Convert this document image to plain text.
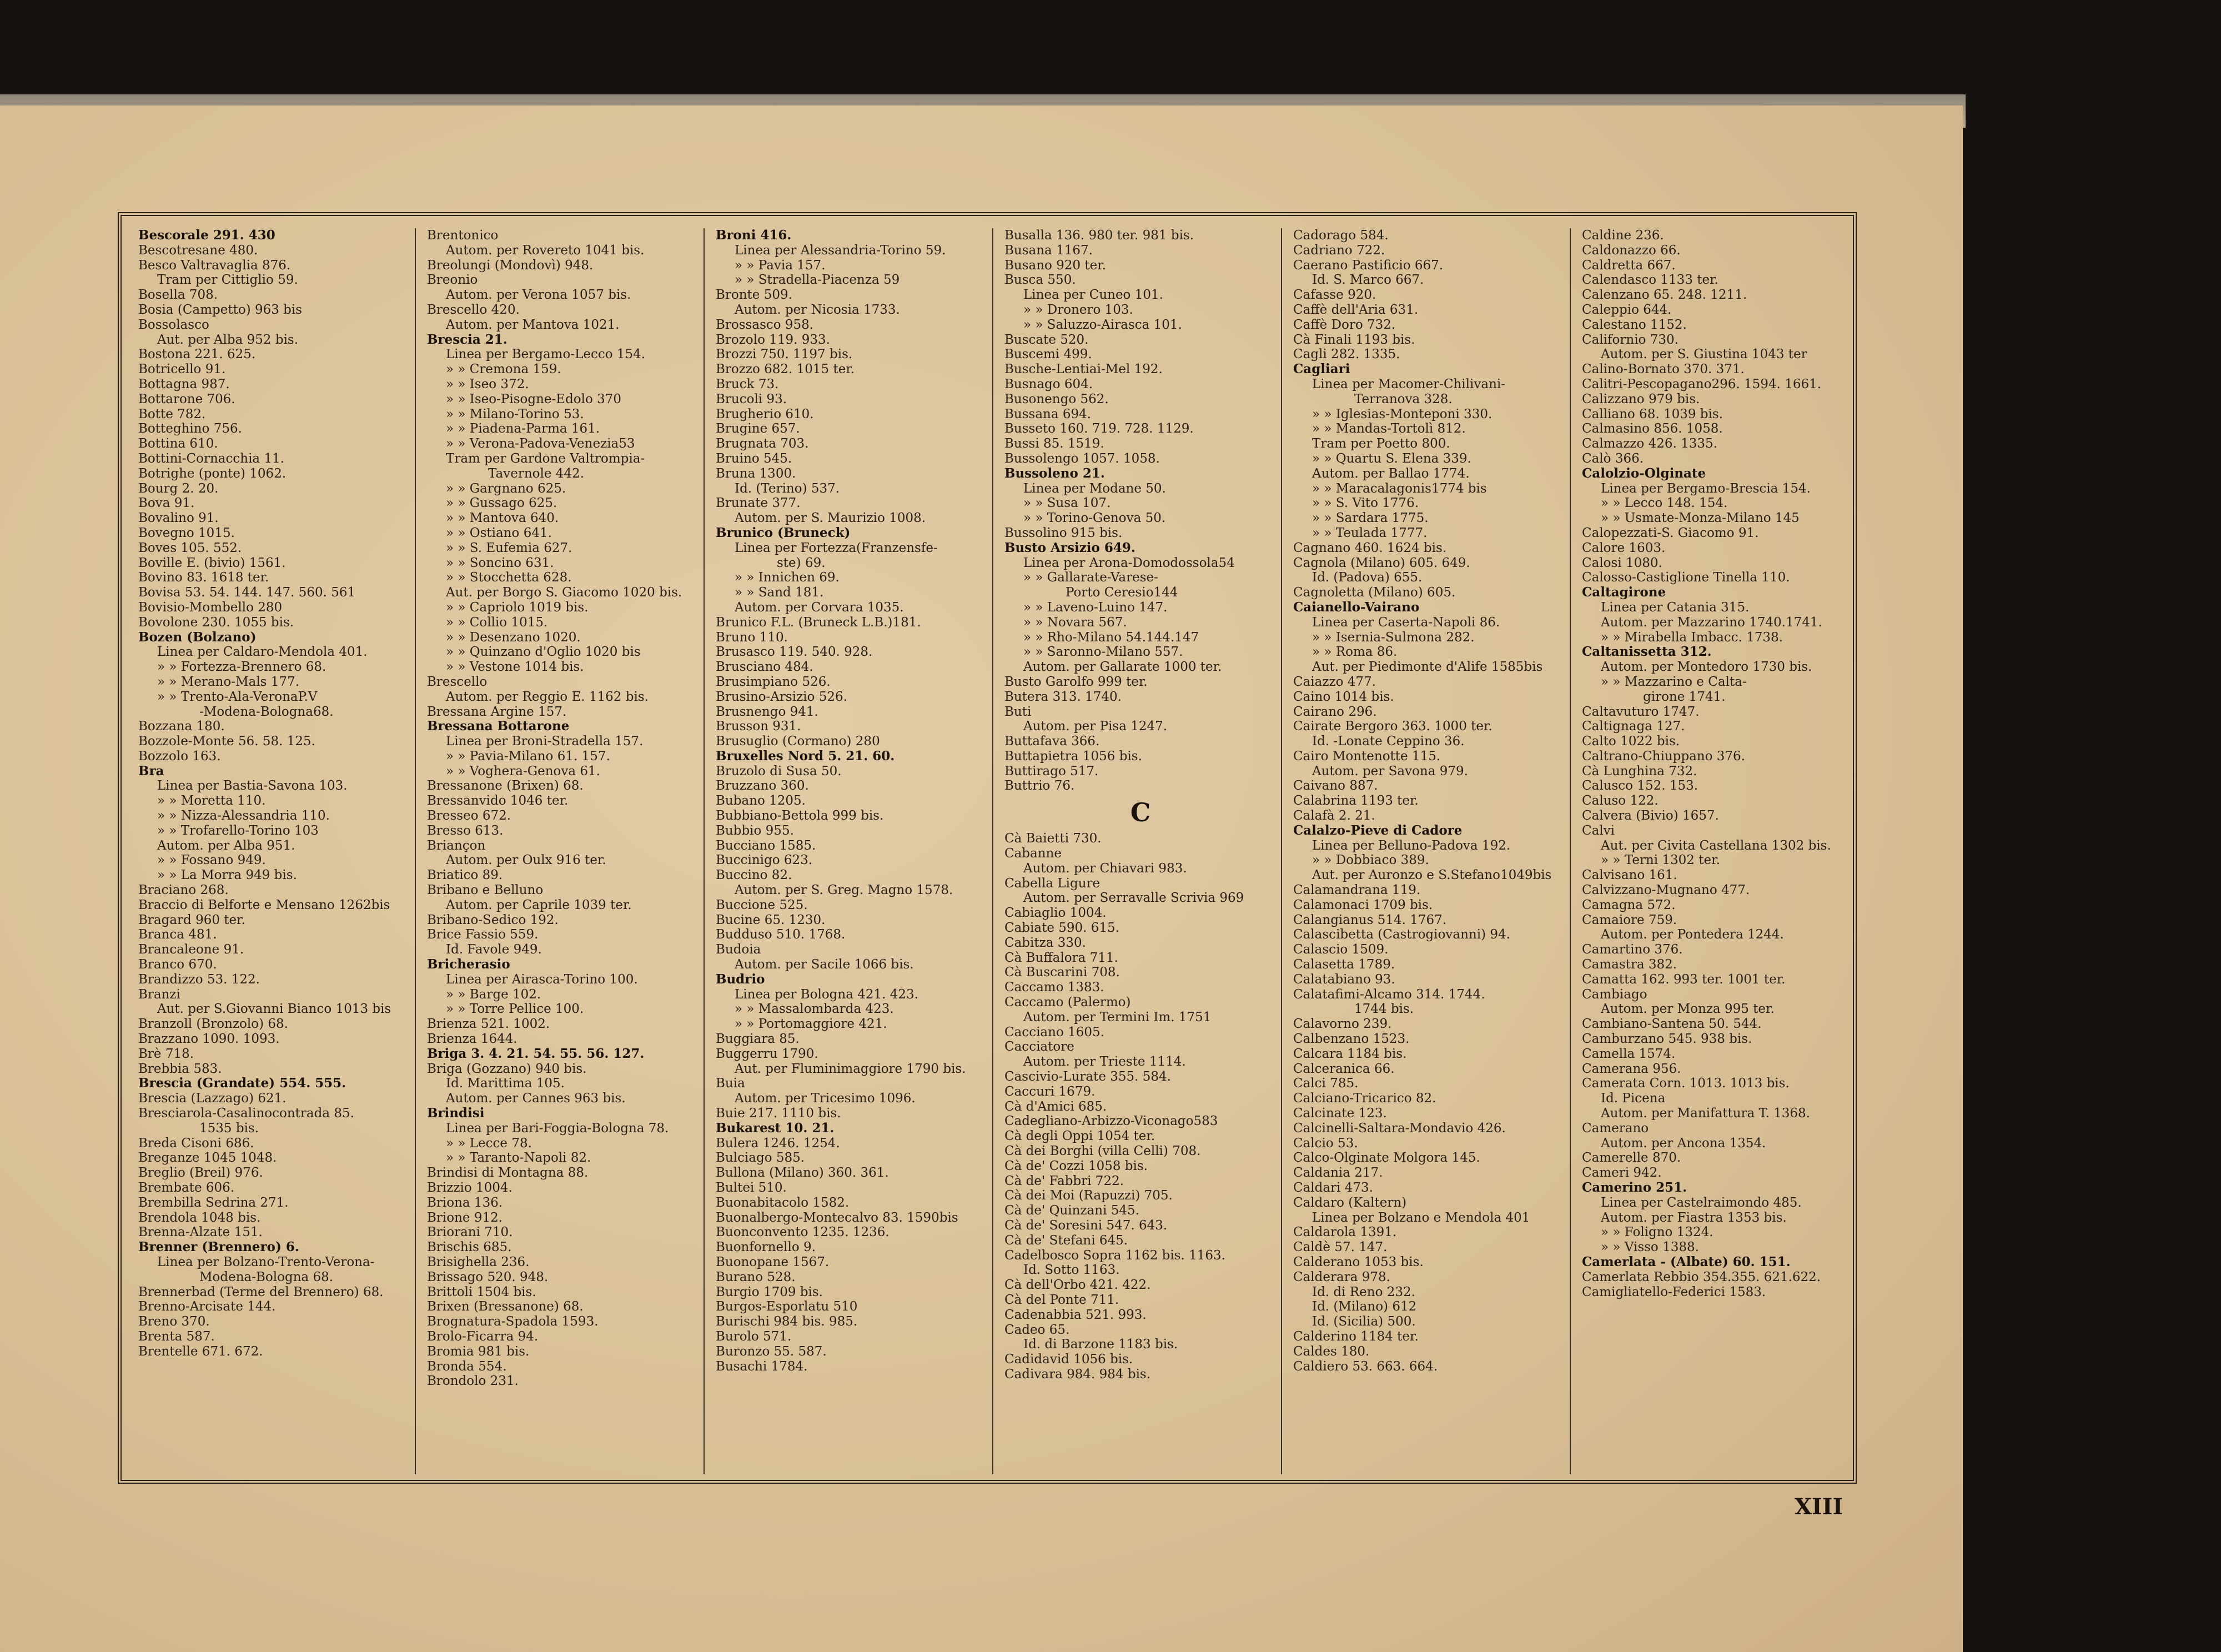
Bescorale 291. 430
Bescotresane 480.
Besco Valtravaglia 876.
Tram per Cittiglio 59.
Bosella 708.
Bosia (Campetto) 963 bis
Bossolasco
Aut. per Alba 952 bis.
Bostona 221. 625.
Botricello 91.
Bottagna 987.
Bottarone 706.
Botte 782.
Botteghino 756.
Bottina 610.
Bottini-Cornacchia 11.
Botrighe (ponte) 1062.
Bourg 2. 20.
Bova 91.
Bovalino 91.
Bovegno 1015.
Boves 105. 552.
Boville E. (bivio) 1561.
Bovino 83. 1618 ter.
Bovisa 53. 54. 144. 147. 560. 561
Bovisio-Mombello 280
Bovolone 230. 1055 bis.
Bozen (Bolzano)
Linea per Caldaro-Mendola 401.
» » Fortezza-Brennero 68.
» » Merano-Mals 177.
» » Trento-Ala-VeronaP.V
-Modena-Bologna68.
Bozzana 180.
Bozzole-Monte 56. 58. 125.
Bozzolo 163.
Bra
Linea per Bastia-Savona 103.
» » Moretta 110.
» » Nizza-Alessandria 110.
» » Trofarello-Torino 103
Autom. per Alba 951.
» » Fossano 949.
» » La Morra 949 bis.
Braciano 268.
Braccio di Belforte e Mensano 1262bis
Bragard 960 ter.
Branca 481.
Brancaleone 91.
Branco 670.
Brandizzo 53. 122.
Branzi
Aut. per S.Giovanni Bianco 1013 bis
Branzoll (Bronzolo) 68.
Brazzano 1090. 1093.
Brè 718.
Brebbia 583.
Brescia (Grandate) 554. 555.
Brescia (Lazzago) 621.
Bresciarola-Casalinocontrada 85.
1535 bis.
Breda Cisoni 686.
Breganze 1045 1048.
Breglio (Breil) 976.
Brembate 606.
Brembilla Sedrina 271.
Brendola 1048 bis.
Brenna-Alzate 151.
Brenner (Brennero) 6.
Linea per Bolzano-Trento-Verona-
Modena-Bologna 68.
Brennerbad (Terme del Brennero) 68.
Brenno-Arcisate 144.
Breno 370.
Brenta 587.
Brentelle 671. 672.
Brentonico
Autom. per Rovereto 1041 bis.
Breolungi (Mondovì) 948.
Breonio
Autom. per Verona 1057 bis.
Brescello 420.
Autom. per Mantova 1021.
Brescia 21.
Linea per Bergamo-Lecco 154.
» » Cremona 159.
» » Iseo 372.
» » Iseo-Pisogne-Edolo 370
» » Milano-Torino 53.
» » Piadena-Parma 161.
» » Verona-Padova-Venezia53
Tram per Gardone Valtrompia-
Tavernole 442.
» » Gargnano 625.
» » Gussago 625.
» » Mantova 640.
» » Ostiano 641.
» » S. Eufemia 627.
» » Soncino 631.
» » Stocchetta 628.
Aut. per Borgo S. Giacomo 1020 bis.
» » Capriolo 1019 bis.
» » Collio 1015.
» » Desenzano 1020.
» » Quinzano d'Oglio 1020 bis
» » Vestone 1014 bis.
Brescello
Autom. per Reggio E. 1162 bis.
Bressana Argine 157.
Bressana Bottarone
Linea per Broni-Stradella 157.
» » Pavia-Milano 61. 157.
» » Voghera-Genova 61.
Bressanone (Brixen) 68.
Bressanvido 1046 ter.
Bresseo 672.
Bresso 613.
Briançon
Autom. per Oulx 916 ter.
Briatico 89.
Bribano e Belluno
Autom. per Caprile 1039 ter.
Bribano-Sedico 192.
Brice Fassio 559.
Id. Favole 949.
Bricherasio
Linea per Airasca-Torino 100.
» » Barge 102.
» » Torre Pellice 100.
Brienza 521. 1002.
Brienza 1644.
Briga 3. 4. 21. 54. 55. 56. 127.
Briga (Gozzano) 940 bis.
Id. Marittima 105.
Autom. per Cannes 963 bis.
Brindisi
Linea per Bari-Foggia-Bologna 78.
» » Lecce 78.
» » Taranto-Napoli 82.
Brindisi di Montagna 88.
Brizzio 1004.
Briona 136.
Brione 912.
Briorani 710.
Brischis 685.
Brisighella 236.
Brissago 520. 948.
Brittoli 1504 bis.
Brixen (Bressanone) 68.
Brognatura-Spadola 1593.
Brolo-Ficarra 94.
Bromia 981 bis.
Bronda 554.
Brondolo 231.
Broni 416.
Linea per Alessandria-Torino 59.
» » Pavia 157.
» » Stradella-Piacenza 59
Bronte 509.
Autom. per Nicosia 1733.
Brossasco 958.
Brozolo 119. 933.
Brozzi 750. 1197 bis.
Brozzo 682. 1015 ter.
Bruck 73.
Brucoli 93.
Brugherio 610.
Brugine 657.
Brugnata 703.
Bruino 545.
Bruna 1300.
Id. (Terino) 537.
Brunate 377.
Autom. per S. Maurizio 1008.
Brunico (Bruneck)
Linea per Fortezza(Franzensfe-
ste) 69.
» » Innichen 69.
» » Sand 181.
Autom. per Corvara 1035.
Brunico F.L. (Bruneck L.B.)181.
Bruno 110.
Brusasco 119. 540. 928.
Brusciano 484.
Brusimpiano 526.
Brusino-Arsizio 526.
Brusnengo 941.
Brusson 931.
Brusuglio (Cormano) 280
Bruxelles Nord 5. 21. 60.
Bruzolo di Susa 50.
Bruzzano 360.
Bubano 1205.
Bubbiano-Bettola 999 bis.
Bubbio 955.
Bucciano 1585.
Buccinigo 623.
Buccino 82.
Autom. per S. Greg. Magno 1578.
Buccione 525.
Bucine 65. 1230.
Budduso 510. 1768.
Budoia
Autom. per Sacile 1066 bis.
Budrio
Linea per Bologna 421. 423.
» » Massalombarda 423.
» » Portomaggiore 421.
Buggiara 85.
Buggerru 1790.
Aut. per Fluminimaggiore 1790 bis.
Buia
Autom. per Tricesimo 1096.
Buie 217. 1110 bis.
Bukarest 10. 21.
Bulera 1246. 1254.
Bulciago 585.
Bullona (Milano) 360. 361.
Bultei 510.
Buonabitacolo 1582.
Buonalbergo-Montecalvo 83. 1590bis
Buonconvento 1235. 1236.
Buonfornello 9.
Buonopane 1567.
Burano 528.
Burgio 1709 bis.
Burgos-Esporlatu 510
Burischi 984 bis. 985.
Burolo 571.
Buronzo 55. 587.
Busachi 1784.
Busalla 136. 980 ter. 981 bis.
Busana 1167.
Busano 920 ter.
Busca 550.
Linea per Cuneo 101.
» » Dronero 103.
» » Saluzzo-Airasca 101.
Buscate 520.
Buscemi 499.
Busche-Lentiai-Mel 192.
Busnago 604.
Busonengo 562.
Bussana 694.
Busseto 160. 719. 728. 1129.
Bussi 85. 1519.
Bussolengo 1057. 1058.
Bussoleno 21.
Linea per Modane 50.
» » Susa 107.
» » Torino-Genova 50.
Bussolino 915 bis.
Busto Arsizio 649.
Linea per Arona-Domodossola54
» » Gallarate-Varese-
Porto Ceresio144
» » Laveno-Luino 147.
» » Novara 567.
» » Rho-Milano 54.144.147
» » Saronno-Milano 557.
Autom. per Gallarate 1000 ter.
Busto Garolfo 999 ter.
Butera 313. 1740.
Buti
Autom. per Pisa 1247.
Buttafava 366.
Buttapietra 1056 bis.
Buttirago 517.
Buttrio 76.
C
Cà Baietti 730.
Cabanne
Autom. per Chiavari 983.
Cabella Ligure
Autom. per Serravalle Scrivia 969
Cabiaglio 1004.
Cabiate 590. 615.
Cabitza 330.
Cà Buffalora 711.
Cà Buscarini 708.
Caccamo 1383.
Caccamo (Palermo)
Autom. per Termini Im. 1751
Cacciano 1605.
Cacciatore
Autom. per Trieste 1114.
Cascivio-Lurate 355. 584.
Caccuri 1679.
Cà d'Amici 685.
Cadegliano-Arbizzo-Viconago583
Cà degli Oppi 1054 ter.
Cà dei Borghi (villa Celli) 708.
Cà de' Cozzi 1058 bis.
Cà de' Fabbri 722.
Cà dei Moi (Rapuzzi) 705.
Cà de' Quinzani 545.
Cà de' Soresini 547. 643.
Cà de' Stefani 645.
Cadelbosco Sopra 1162 bis. 1163.
Id. Sotto 1163.
Cà dell'Orbo 421. 422.
Cà del Ponte 711.
Cadenabbia 521. 993.
Cadeo 65.
Id. di Barzone 1183 bis.
Cadidavid 1056 bis.
Cadivara 984. 984 bis.
Cadorago 584.
Cadriano 722.
Caerano Pastificio 667.
Id. S. Marco 667.
Cafasse 920.
Caffè dell'Aria 631.
Caffè Doro 732.
Cà Finali 1193 bis.
Cagli 282. 1335.
Cagliari
Linea per Macomer-Chilivani-
Terranova 328.
» » Iglesias-Monteponi 330.
» » Mandas-Tortolì 812.
Tram per Poetto 800.
» » Quartu S. Elena 339.
Autom. per Ballao 1774.
» » Maracalagonis1774 bis
» » S. Vito 1776.
» » Sardara 1775.
» » Teulada 1777.
Cagnano 460. 1624 bis.
Cagnola (Milano) 605. 649.
Id. (Padova) 655.
Cagnoletta (Milano) 605.
Caianello-Vairano
Linea per Caserta-Napoli 86.
» » Isernia-Sulmona 282.
» » Roma 86.
Aut. per Piedimonte d'Alife 1585bis
Caiazzo 477.
Caino 1014 bis.
Cairano 296.
Cairate Bergoro 363. 1000 ter.
Id. -Lonate Ceppino 36.
Cairo Montenotte 115.
Autom. per Savona 979.
Caivano 887.
Calabrina 1193 ter.
Calafà 2. 21.
Calalzo-Pieve di Cadore
Linea per Belluno-Padova 192.
» » Dobbiaco 389.
Aut. per Auronzo e S.Stefano1049bis
Calamandrana 119.
Calamonaci 1709 bis.
Calangianus 514. 1767.
Calascibetta (Castrogiovanni) 94.
Calascio 1509.
Calasetta 1789.
Calatabiano 93.
Calatafimi-Alcamo 314. 1744.
1744 bis.
Calavorno 239.
Calbenzano 1523.
Calcara 1184 bis.
Calceranica 66.
Calci 785.
Calciano-Tricarico 82.
Calcinate 123.
Calcinelli-Saltara-Mondavio 426.
Calcio 53.
Calco-Olginate Molgora 145.
Caldania 217.
Caldari 473.
Caldaro (Kaltern)
Linea per Bolzano e Mendola 401
Caldarola 1391.
Caldè 57. 147.
Calderano 1053 bis.
Calderara 978.
Id. di Reno 232.
Id. (Milano) 612
Id. (Sicilia) 500.
Calderino 1184 ter.
Caldes 180.
Caldiero 53. 663. 664.
Caldine 236.
Caldonazzo 66.
Caldretta 667.
Calendasco 1133 ter.
Calenzano 65. 248. 1211.
Caleppio 644.
Calestano 1152.
Californio 730.
Autom. per S. Giustina 1043 ter
Calino-Bornato 370. 371.
Calitri-Pescopagano296. 1594. 1661.
Calizzano 979 bis.
Calliano 68. 1039 bis.
Calmasino 856. 1058.
Calmazzo 426. 1335.
Calò 366.
Calolzio-Olginate
Linea per Bergamo-Brescia 154.
» » Lecco 148. 154.
» » Usmate-Monza-Milano 145
Calopezzati-S. Giacomo 91.
Calore 1603.
Calosi 1080.
Calosso-Castiglione Tinella 110.
Caltagirone
Linea per Catania 315.
Autom. per Mazzarino 1740.1741.
» » Mirabella Imbacc. 1738.
Caltanissetta 312.
Autom. per Montedoro 1730 bis.
» » Mazzarino e Calta-
girone 1741.
Caltavuturo 1747.
Caltignaga 127.
Calto 1022 bis.
Caltrano-Chiuppano 376.
Cà Lunghina 732.
Calusco 152. 153.
Caluso 122.
Calvera (Bivio) 1657.
Calvi
Aut. per Civita Castellana 1302 bis.
» » Terni 1302 ter.
Calvisano 161.
Calvizzano-Mugnano 477.
Camagna 572.
Camaiore 759.
Autom. per Pontedera 1244.
Camartino 376.
Camastra 382.
Camatta 162. 993 ter. 1001 ter.
Cambiago
Autom. per Monza 995 ter.
Cambiano-Santena 50. 544.
Camburzano 545. 938 bis.
Camella 1574.
Camerana 956.
Camerata Corn. 1013. 1013 bis.
Id. Picena
Autom. per Manifattura T. 1368.
Camerano
Autom. per Ancona 1354.
Camerelle 870.
Cameri 942.
Camerino 251.
Linea per Castelraimondo 485.
Autom. per Fiastra 1353 bis.
» » Foligno 1324.
» » Visso 1388.
Camerlata - (Albate) 60. 151.
Camerlata Rebbio 354.355. 621.622.
Camigliatello-Federici 1583.
XIII
